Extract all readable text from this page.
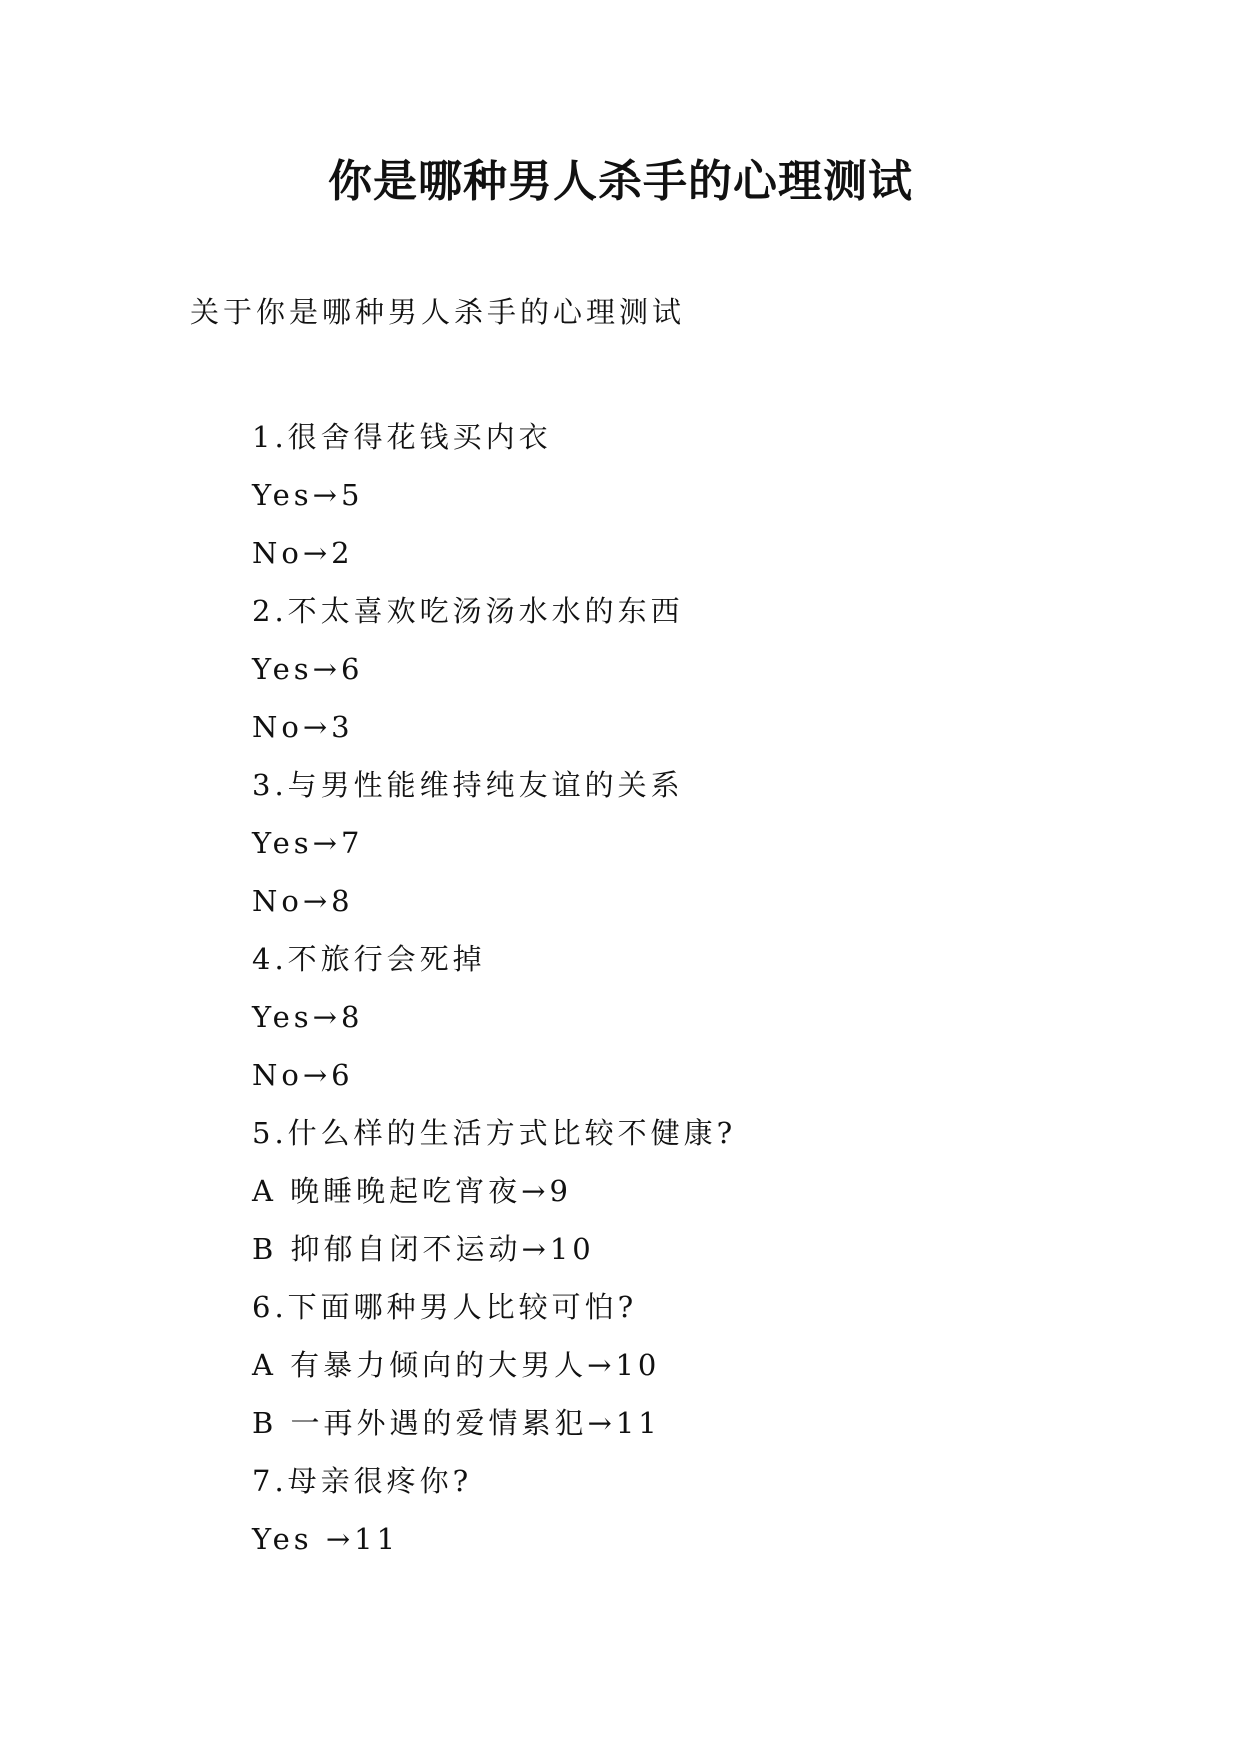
你是哪种男人杀手的心理测试

关于你是哪种男人杀手的心理测试

1.很舍得花钱买内衣
Yes→5
No→2
2.不太喜欢吃汤汤水水的东西
Yes→6
No→3
3.与男性能维持纯友谊的关系
Yes→7
No→8
4.不旅行会死掉
Yes→8
No→6
5.什么样的生活方式比较不健康?
A 晚睡晚起吃宵夜→9
B 抑郁自闭不运动→10
6.下面哪种男人比较可怕?
A 有暴力倾向的大男人→10
B 一再外遇的爱情累犯→11
7.母亲很疼你?
Yes →11
